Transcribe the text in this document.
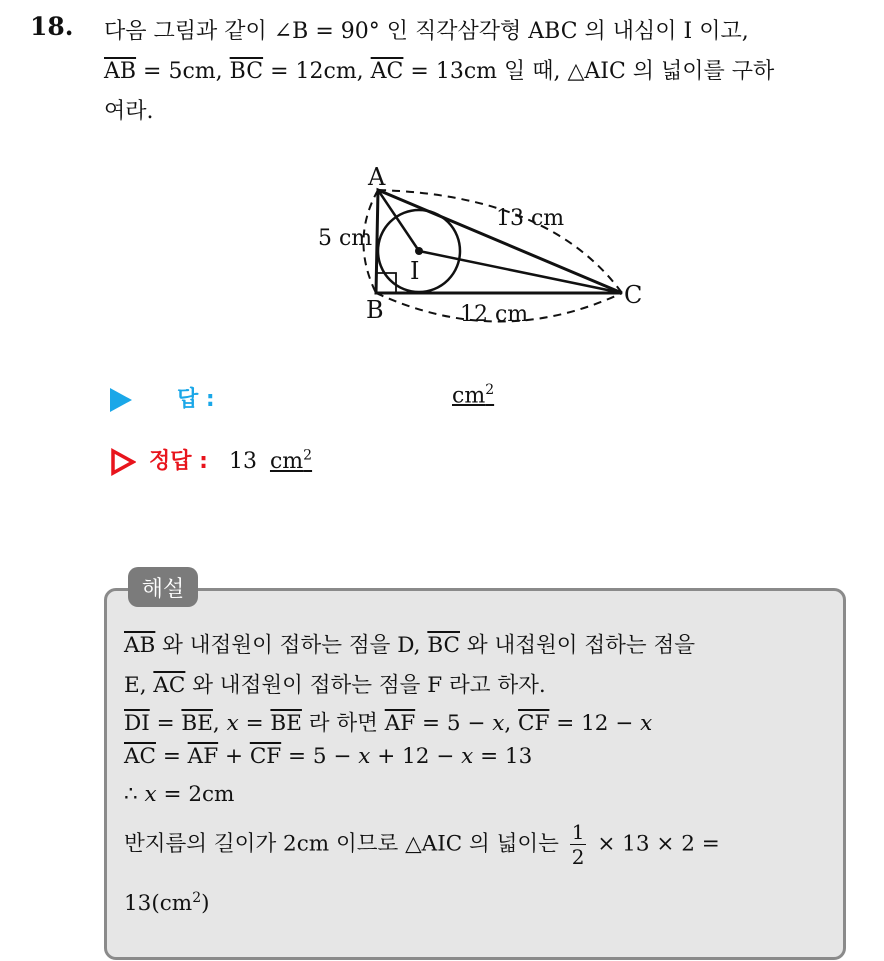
18. 다음 그림과 같이 ∠B = 90° 인 직각삼각형 ABC 의 내심이 I 이고,
$\overline{AB} = 5cm$, $\overline{BC} = 12cm$, $\overline{AC} = 13cm$ 일 때, △AIC 의 넓이를 구하
여라.
A
B
C
I
5 cm
13 cm
12 cm
답 :	$cm^2$
정답 : 13 $cm^2$
해설
$\overline{AB}$ 와 내접원이 접하는 점을 D, $\overline{BC}$ 와 내접원이 접하는 점을
E, $\overline{AC}$ 와 내접원이 접하는 점을 F 라고 하자.
$\overline{DI} = \overline{BE}$, $x = \overline{BE}$ 라 하면 $\overline{AF} = 5 - x$, $\overline{CF} = 12 - x$
$\overline{AC} = \overline{AF} + \overline{CF} = 5 - x + 12 - x = 13$
∴ x = 2cm
반지름의 길이가 2cm 이므로 △AIC 의 넓이는 $\frac{1}{2} \times 13 \times 2$ =
$13(cm^2)$
